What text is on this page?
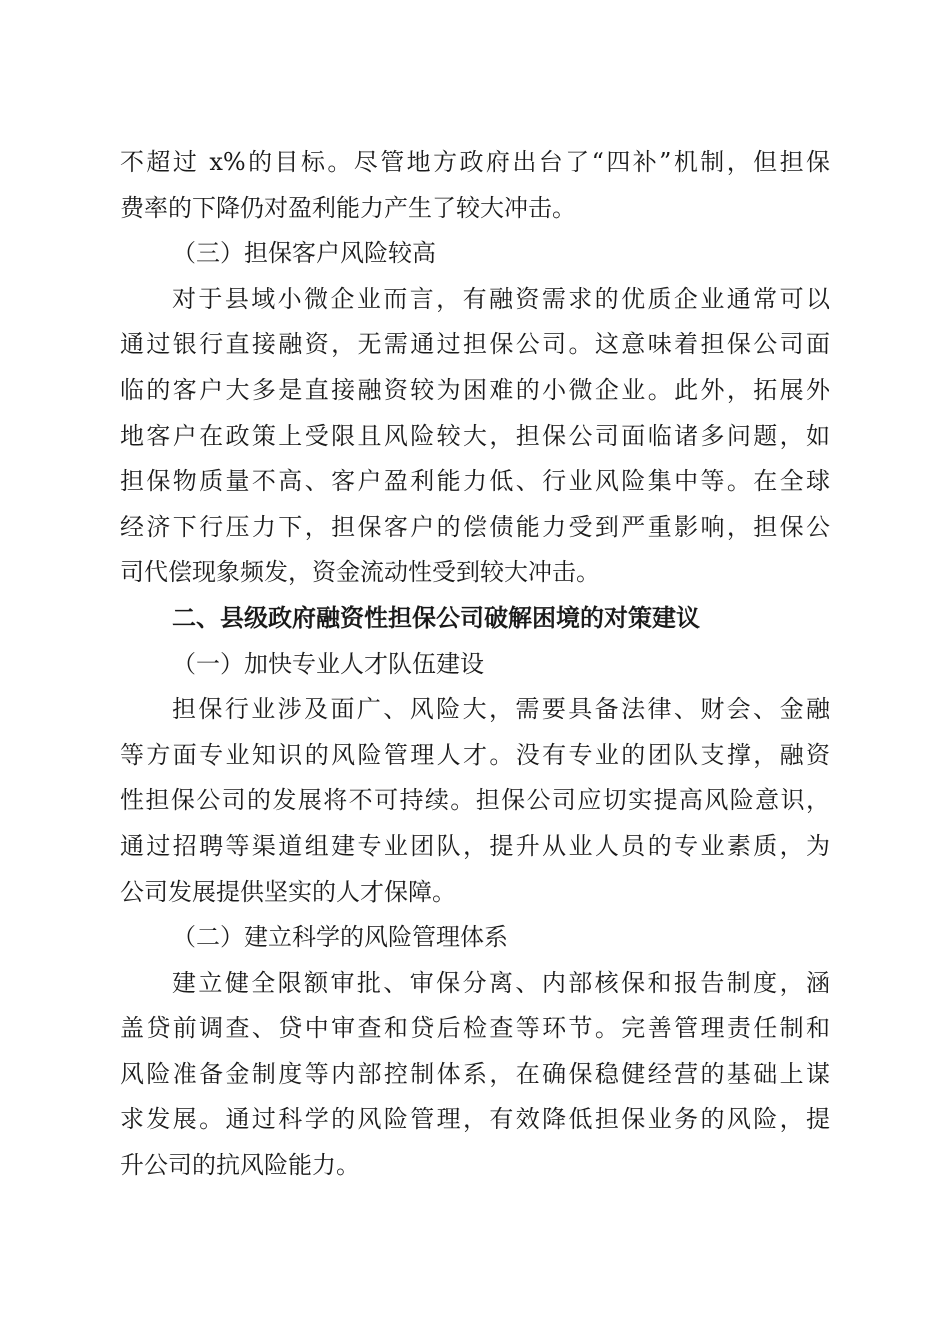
不超过 x%的目标。尽管地方政府出台了“四补”机制，但担保
费率的下降仍对盈利能力产生了较大冲击。
（三）担保客户风险较高
对于县域小微企业而言，有融资需求的优质企业通常可以
通过银行直接融资，无需通过担保公司。这意味着担保公司面
临的客户大多是直接融资较为困难的小微企业。此外，拓展外
地客户在政策上受限且风险较大，担保公司面临诸多问题，如
担保物质量不高、客户盈利能力低、行业风险集中等。在全球
经济下行压力下，担保客户的偿债能力受到严重影响，担保公
司代偿现象频发，资金流动性受到较大冲击。
二、县级政府融资性担保公司破解困境的对策建议
（一）加快专业人才队伍建设
担保行业涉及面广、风险大，需要具备法律、财会、金融
等方面专业知识的风险管理人才。没有专业的团队支撑，融资
性担保公司的发展将不可持续。担保公司应切实提高风险意识，
通过招聘等渠道组建专业团队，提升从业人员的专业素质，为
公司发展提供坚实的人才保障。
（二）建立科学的风险管理体系
建立健全限额审批、审保分离、内部核保和报告制度，涵
盖贷前调查、贷中审查和贷后检查等环节。完善管理责任制和
风险准备金制度等内部控制体系，在确保稳健经营的基础上谋
求发展。通过科学的风险管理，有效降低担保业务的风险，提
升公司的抗风险能力。
